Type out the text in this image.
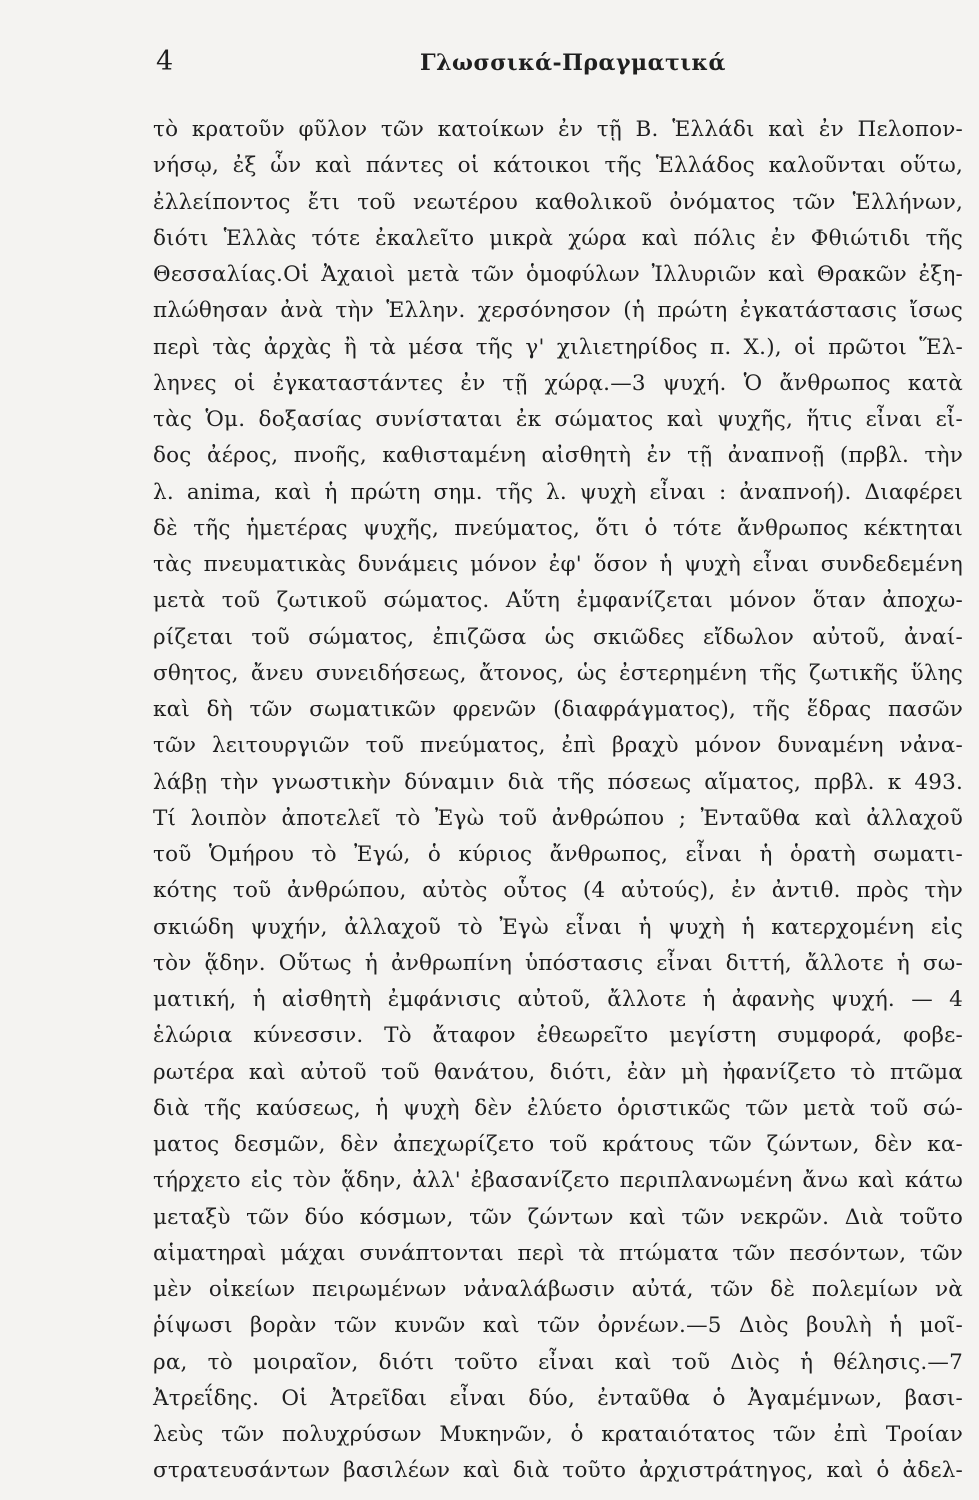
4	Γλωσσικά-Πραγματικά
τὸ κρατοῦν φῦλον τῶν κατοίκων ἐν τῇ Β. Ἑλλάδι καὶ ἐν Πελοπον-
νήσῳ, ἐξ ὧν καὶ πάντες οἱ κάτοικοι τῆς Ἑλλάδος καλοῦνται οὕτω,
ἐλλείποντος ἔτι τοῦ νεωτέρου καθολικοῦ ὀνόματος τῶν Ἑλλήνων,
διότι Ἑλλὰς τότε ἐκαλεῖτο μικρὰ χώρα καὶ πόλις ἐν Φθιώτιδι τῆς
Θεσσαλίας.Οἱ Ἀχαιοὶ μετὰ τῶν ὁμοφύλων Ἰλλυριῶν καὶ Θρακῶν ἐξη-
πλώθησαν ἀνὰ τὴν Ἑλλην. χερσόνησον (ἡ πρώτη ἐγκατάστασις ἴσως
περὶ τὰς ἀρχὰς ἢ τὰ μέσα τῆς γ' χιλιετηρίδος π. Χ.), οἱ πρῶτοι Ἕλ-
ληνες οἱ ἐγκαταστάντες ἐν τῇ χώρᾳ.—3 ψυχή. Ὁ ἄνθρωπος κατὰ
τὰς Ὁμ. δοξασίας συνίσταται ἐκ σώματος καὶ ψυχῆς, ἥτις εἶναι εἶ-
δος ἀέρος, πνοῆς, καθισταμένη αἰσθητὴ ἐν τῇ ἀναπνοῇ (πρβλ. τὴν
λ. anima, καὶ ἡ πρώτη σημ. τῆς λ. ψυχὴ εἶναι : ἀναπνοή). Διαφέρει
δὲ τῆς ἡμετέρας ψυχῆς, πνεύματος, ὅτι ὁ τότε ἄνθρωπος κέκτηται
τὰς πνευματικὰς δυνάμεις μόνον ἐφ' ὅσον ἡ ψυχὴ εἶναι συνδεδεμένη
μετὰ τοῦ ζωτικοῦ σώματος. Αὕτη ἐμφανίζεται μόνον ὅταν ἀποχω-
ρίζεται τοῦ σώματος, ἐπιζῶσα ὡς σκιῶδες εἴδωλον αὐτοῦ, ἀναί-
σθητος, ἄνευ συνειδήσεως, ἄτονος, ὡς ἐστερημένη τῆς ζωτικῆς ὕλης
καὶ δὴ τῶν σωματικῶν φρενῶν (διαφράγματος), τῆς ἕδρας πασῶν
τῶν λειτουργιῶν τοῦ πνεύματος, ἐπὶ βραχὺ μόνον δυναμένη νἀνα-
λάβῃ τὴν γνωστικὴν δύναμιν διὰ τῆς πόσεως αἵματος, πρβλ. κ 493.
Τί λοιπὸν ἀποτελεῖ τὸ Ἐγὼ τοῦ ἀνθρώπου ; Ἐνταῦθα καὶ ἀλλαχοῦ
τοῦ Ὁμήρου τὸ Ἐγώ, ὁ κύριος ἄνθρωπος, εἶναι ἡ ὁρατὴ σωματι-
κότης τοῦ ἀνθρώπου, αὐτὸς οὗτος (4 αὐτούς), ἐν ἀντιθ. πρὸς τὴν
σκιώδη ψυχήν, ἀλλαχοῦ τὸ Ἐγὼ εἶναι ἡ ψυχὴ ἡ κατερχομένη εἰς
τὸν ᾅδην. Οὕτως ἡ ἀνθρωπίνη ὑπόστασις εἶναι διττή, ἄλλοτε ἡ σω-
ματική, ἡ αἰσθητὴ ἐμφάνισις αὐτοῦ, ἄλλοτε ἡ ἀφανὴς ψυχή. — 4
ἑλώρια κύνεσσιν. Τὸ ἄταφον ἐθεωρεῖτο μεγίστη συμφορά, φοβε-
ρωτέρα καὶ αὐτοῦ τοῦ θανάτου, διότι, ἐὰν μὴ ἠφανίζετο τὸ πτῶμα
διὰ τῆς καύσεως, ἡ ψυχὴ δὲν ἐλύετο ὁριστικῶς τῶν μετὰ τοῦ σώ-
ματος δεσμῶν, δὲν ἀπεχωρίζετο τοῦ κράτους τῶν ζώντων, δὲν κα-
τήρχετο εἰς τὸν ᾅδην, ἀλλ' ἐβασανίζετο περιπλανωμένη ἄνω καὶ κάτω
μεταξὺ τῶν δύο κόσμων, τῶν ζώντων καὶ τῶν νεκρῶν. Διὰ τοῦτο
αἱματηραὶ μάχαι συνάπτονται περὶ τὰ πτώματα τῶν πεσόντων, τῶν
μὲν οἰκείων πειρωμένων νἀναλάβωσιν αὐτά, τῶν δὲ πολεμίων νὰ
ῥίψωσι βορὰν τῶν κυνῶν καὶ τῶν ὀρνέων.—5 Διὸς βουλὴ ἡ μοῖ-
ρα, τὸ μοιραῖον, διότι τοῦτο εἶναι καὶ τοῦ Διὸς ἡ θέλησις.—7
Ἀτρεΐδης. Οἱ Ἀτρεῖδαι εἶναι δύο, ἐνταῦθα ὁ Ἀγαμέμνων, βασι-
λεὺς τῶν πολυχρύσων Μυκηνῶν, ὁ κραταιότατος τῶν ἐπὶ Τροίαν
στρατευσάντων βασιλέων καὶ διὰ τοῦτο ἀρχιστράτηγος, καὶ ὁ ἀδελ-
